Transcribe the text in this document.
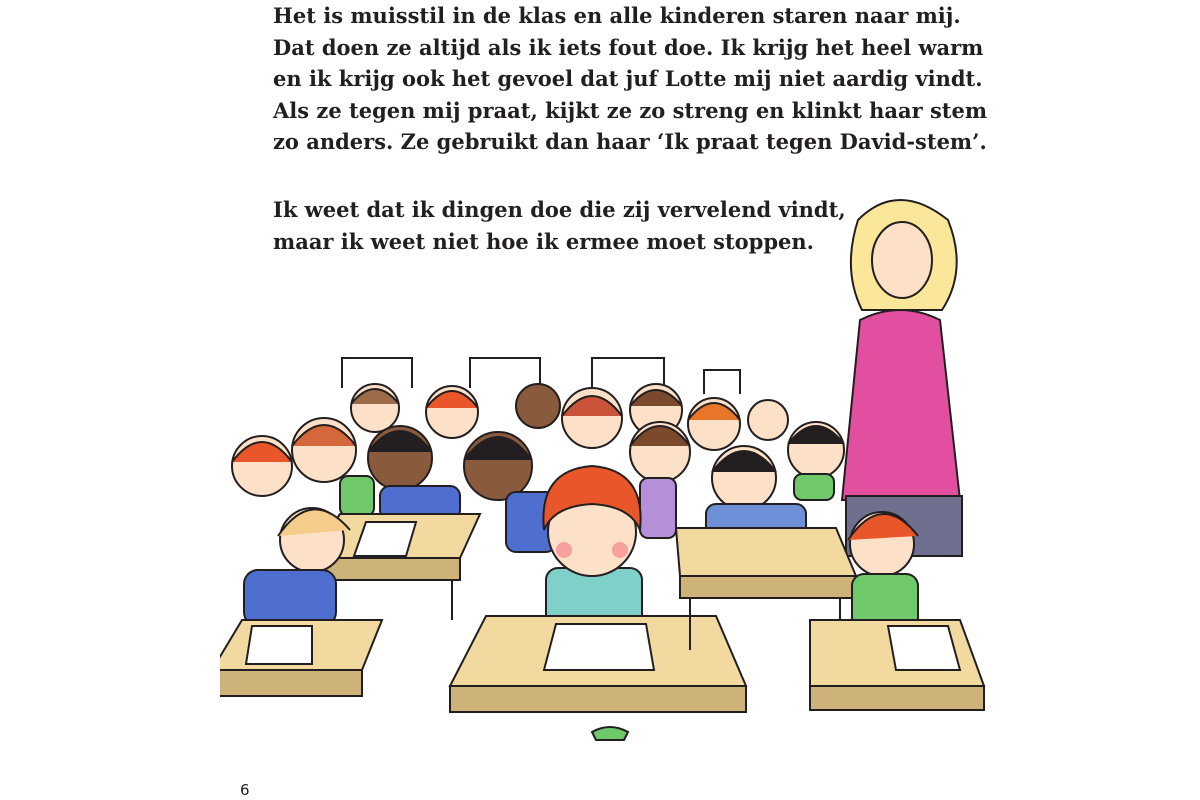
Het is muisstil in de klas en alle kinderen staren naar mij.
Dat doen ze altijd als ik iets fout doe. Ik krijg het heel warm
en ik krijg ook het gevoel dat juf Lotte mij niet aardig vindt.
Als ze tegen mij praat, kijkt ze zo streng en klinkt haar stem
zo anders. Ze gebruikt dan haar ‘Ik praat tegen David-stem’.

Ik weet dat ik dingen doe die zij vervelend vindt,
maar ik weet niet hoe ik ermee moet stoppen.

6
